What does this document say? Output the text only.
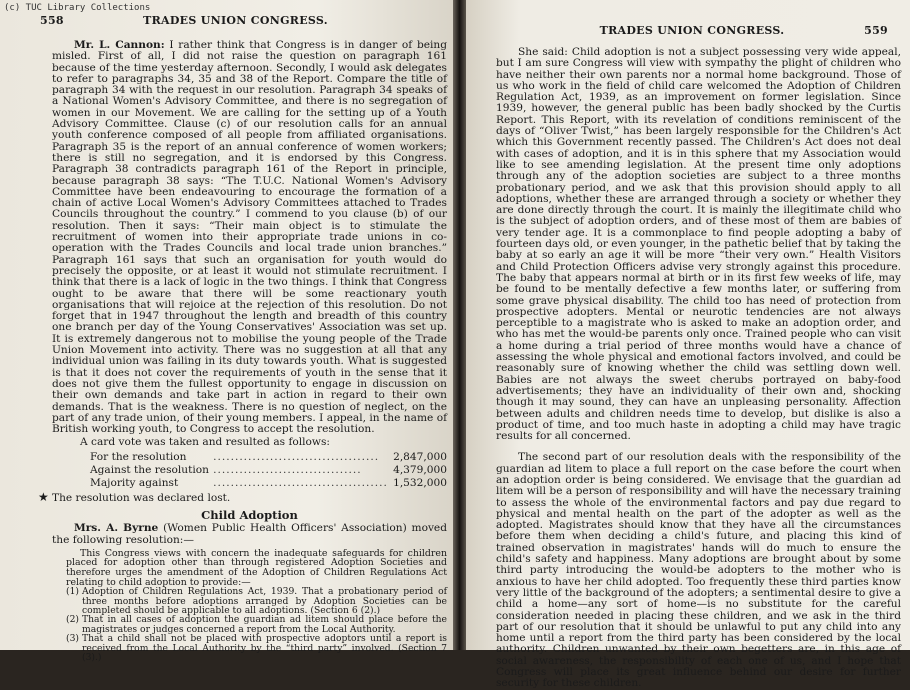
(c) TUC Library Collections
558	TRADES UNION CONGRESS.

Mr. L. Cannon: I rather think that Congress is in danger of being misled. First of all, I did not raise the question on paragraph 161 because of the time yesterday afternoon. Secondly, I would ask delegates to refer to paragraphs 34, 35 and 38 of the Report. Compare the title of paragraph 34 with the request in our resolution. Paragraph 34 speaks of a National Women's Advisory Committee, and there is no segregation of women in our Movement. We are calling for the setting up of a Youth Advisory Committee. Clause (c) of our resolution calls for an annual youth conference composed of all people from affiliated organisations. Paragraph 35 is the report of an annual conference of women workers; there is still no segregation, and it is endorsed by this Congress. Paragraph 38 contradicts paragraph 161 of the Report in principle, because paragraph 38 says: “The T.U.C. National Women's Advisory Committee have been endeavouring to encourage the formation of a chain of active Local Women's Advisory Committees attached to Trades Councils throughout the country.” I commend to you clause (b) of our resolution. Then it says: “Their main object is to stimulate the recruitment of women into their appropriate trade unions in co-operation with the Trades Councils and local trade union branches.” Paragraph 161 says that such an organisation for youth would do precisely the opposite, or at least it would not stimulate recruitment. I think that there is a lack of logic in the two things. I think that Congress ought to be aware that there will be some reactionary youth organisations that will rejoice at the rejection of this resolution. Do not forget that in 1947 throughout the length and breadth of this country one branch per day of the Young Conservatives' Association was set up. It is extremely dangerous not to mobilise the young people of the Trade Union Movement into activity. There was no suggestion at all that any individual union was failing in its duty towards youth. What is suggested is that it does not cover the requirements of youth in the sense that it does not give them the fullest opportunity to engage in discussion on their own demands and take part in action in regard to their own demands. That is the weakness. There is no question of neglect, on the part of any trade union, of their young members. I appeal, in the name of British working youth, to Congress to accept the resolution.

A card vote was taken and resulted as follows:

For the resolution	......................................	2,847,000
Against the resolution	..................................	4,379,000
Majority against	........................................	1,532,000

★ The resolution was declared lost.

Child Adoption

Mrs. A. Byrne (Women Public Health Officers' Association) moved the following resolution:—

This Congress views with concern the inadequate safeguards for children placed for adoption other than through registered Adoption Societies and therefore urges the amendment of the Adoption of Children Regulations Act relating to child adoption to provide:—

(1) Adoption of Children Regulations Act, 1939. That a probationary period of three months before adoptions arranged by Adoption Societies can be completed should be applicable to all adoptions. (Section 6 (2).)
(2) That in all cases of adoption the guardian ad litem should place before the magistrates or judges concerned a report from the Local Authority.
(3) That a child shall not be placed with prospective adoptors until a report is received from the Local Authority by the “third party” involved. (Section 7 (3).)
TRADES UNION CONGRESS.	559

She said: Child adoption is not a subject possessing very wide appeal, but I am sure Congress will view with sympathy the plight of children who have neither their own parents nor a normal home background. Those of us who work in the field of child care welcomed the Adoption of Children Regulation Act, 1939, as an improvement on former legislation. Since 1939, however, the general public has been badly shocked by the Curtis Report. This Report, with its revelation of conditions reminiscent of the days of “Oliver Twist,” has been largely responsible for the Children's Act which this Government recently passed. The Children's Act does not deal with cases of adoption, and it is in this sphere that my Association would like to see amending legislation. At the present time only adoptions through any of the adoption societies are subject to a three months probationary period, and we ask that this provision should apply to all adoptions, whether these are arranged through a society or whether they are done directly through the court. It is mainly the illegitimate child who is the subject of adoption orders, and of these most of them are babies of very tender age. It is a commonplace to find people adopting a baby of fourteen days old, or even younger, in the pathetic belief that by taking the baby at so early an age it will be more “their very own.” Health Visitors and Child Protection Officers advise very strongly against this procedure. The baby that appears normal at birth or in its first few weeks of life, may be found to be mentally defective a few months later, or suffering from some grave physical disability. The child too has need of protection from prospective adopters. Mental or neurotic tendencies are not always perceptible to a magistrate who is asked to make an adoption order, and who has met the would-be parents only once. Trained people who can visit a home during a trial period of three months would have a chance of assessing the whole physical and emotional factors involved, and could be reasonably sure of knowing whether the child was settling down well. Babies are not always the sweet cherubs portrayed on baby-food advertisements; they have an individuality of their own and, shocking though it may sound, they can have an unpleasing personality. Affection between adults and children needs time to develop, but dislike is also a product of time, and too much haste in adopting a child may have tragic results for all concerned.

The second part of our resolution deals with the responsibility of the guardian ad litem to place a full report on the case before the court when an adoption order is being considered. We envisage that the guardian ad litem will be a person of responsibility and will have the necessary training to assess the whole of the environmental factors and pay due regard to physical and mental health on the part of the adopter as well as the adopted. Magistrates should know that they have all the circumstances before them when deciding a child's future, and placing this kind of trained observation in magistrates' hands will do much to ensure the child's safety and happiness. Many adoptions are brought about by some third party introducing the would-be adopters to the mother who is anxious to have her child adopted. Too frequently these third parties know very little of the background of the adopters; a sentimental desire to give a child a home—any sort of home—is no substitute for the careful consideration needed in placing these children, and we ask in the third part of our resolution that it should be unlawful to put any child into any home until a report from the third party has been considered by the local authority. Children unwanted by their own begetters are, in this age of social awareness, the responsibility of each one of us, and I hope that Congress will place its great influence behind our desire for further security for these children.
